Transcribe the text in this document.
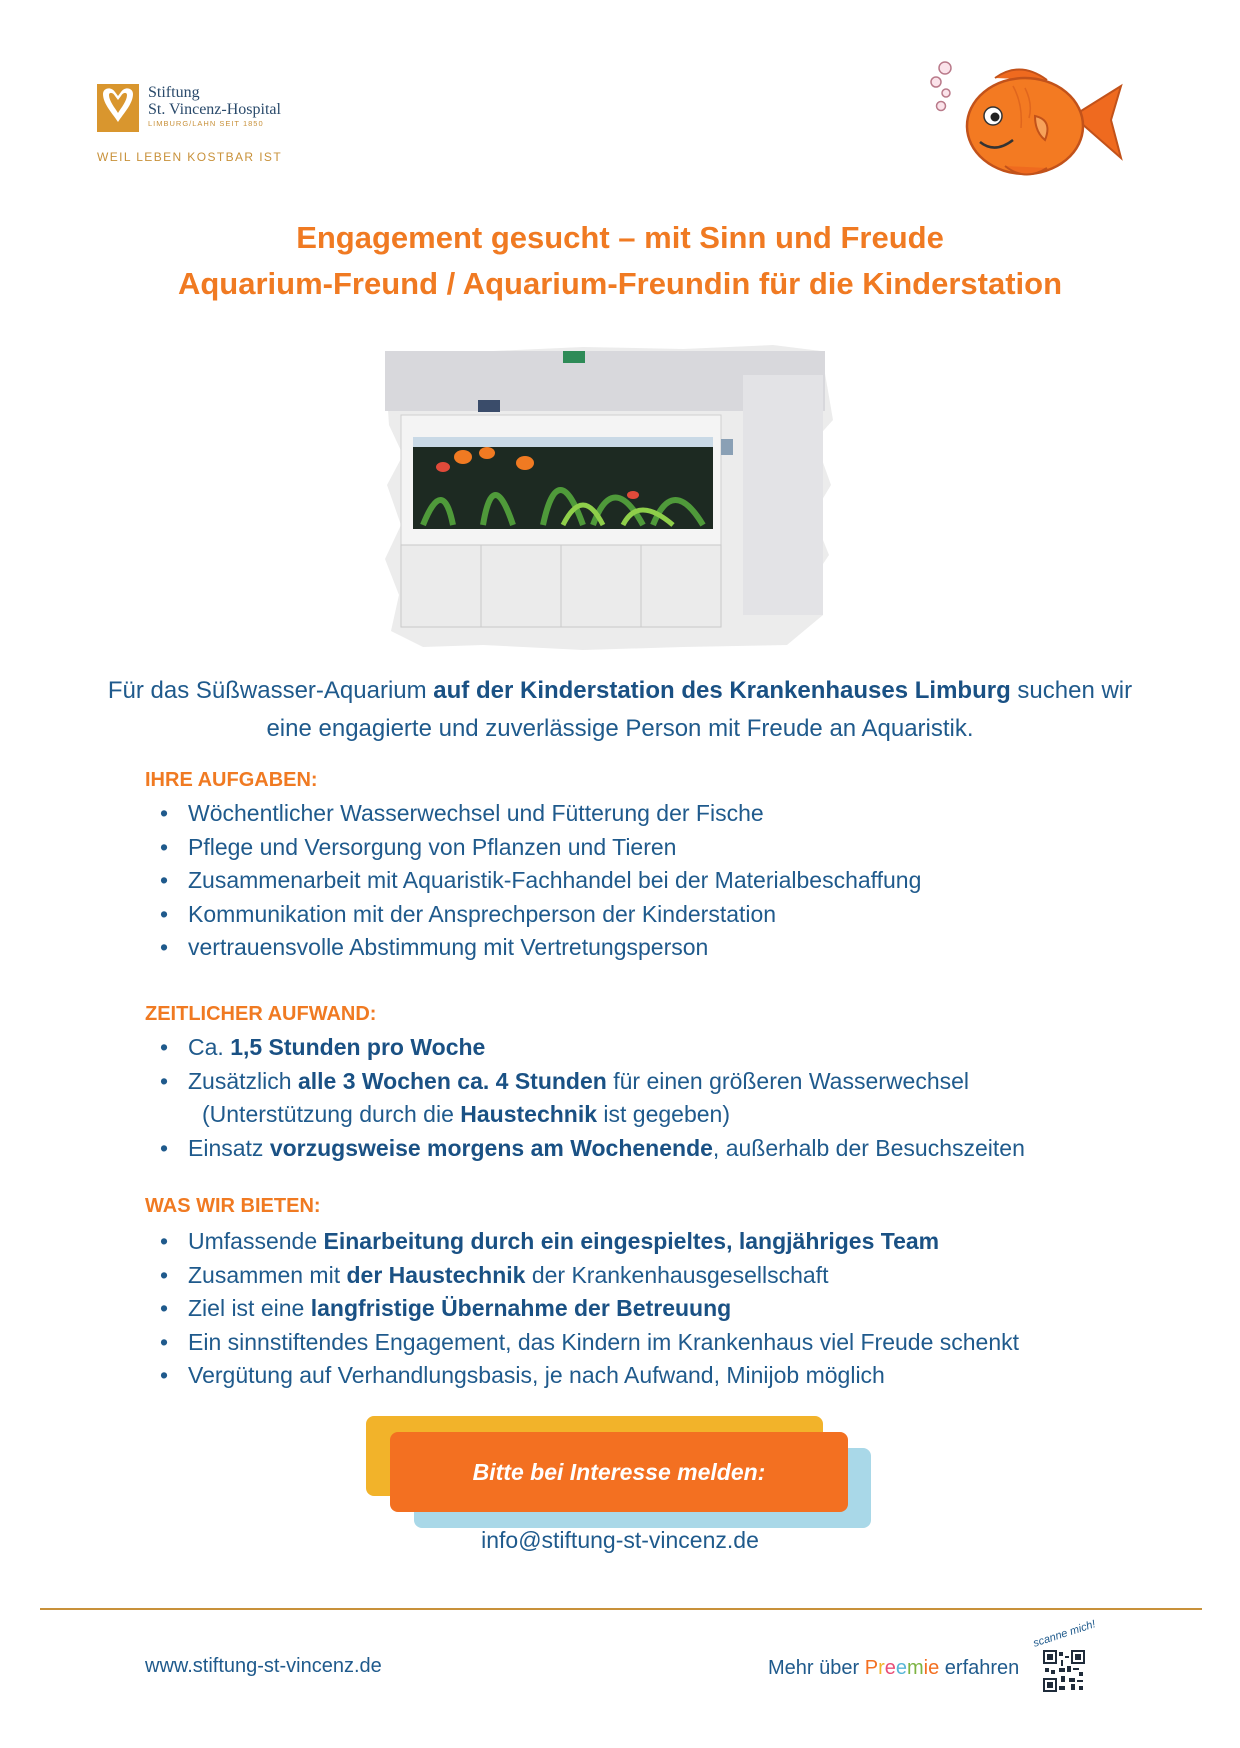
Stiftung
St. Vincenz-Hospital
LIMBURG/LAHN SEIT 1850
WEIL LEBEN KOSTBAR IST
Engagement gesucht – mit Sinn und Freude
Aquarium-Freund / Aquarium-Freundin für die Kinderstation
Für das Süßwasser-Aquarium auf der Kinderstation des Krankenhauses Limburg suchen wir
eine engagierte und zuverlässige Person mit Freude an Aquaristik.
IHRE AUFGABEN:
• Wöchentlicher Wasserwechsel und Fütterung der Fische
• Pflege und Versorgung von Pflanzen und Tieren
• Zusammenarbeit mit Aquaristik-Fachhandel bei der Materialbeschaffung
• Kommunikation mit der Ansprechperson der Kinderstation
• vertrauensvolle Abstimmung mit Vertretungsperson
ZEITLICHER AUFWAND:
• Ca. 1,5 Stunden pro Woche
• Zusätzlich alle 3 Wochen ca. 4 Stunden für einen größeren Wasserwechsel
(Unterstützung durch die Haustechnik ist gegeben)
• Einsatz vorzugsweise morgens am Wochenende, außerhalb der Besuchszeiten
WAS WIR BIETEN:
• Umfassende Einarbeitung durch ein eingespieltes, langjähriges Team
• Zusammen mit der Haustechnik der Krankenhausgesellschaft
• Ziel ist eine langfristige Übernahme der Betreuung
• Ein sinnstiftendes Engagement, das Kindern im Krankenhaus viel Freude schenkt
• Vergütung auf Verhandlungsbasis, je nach Aufwand, Minijob möglich
Bitte bei Interesse melden:
info@stiftung-st-vincenz.de
www.stiftung-st-vincenz.de	Mehr über Preemie erfahren
scanne mich!
